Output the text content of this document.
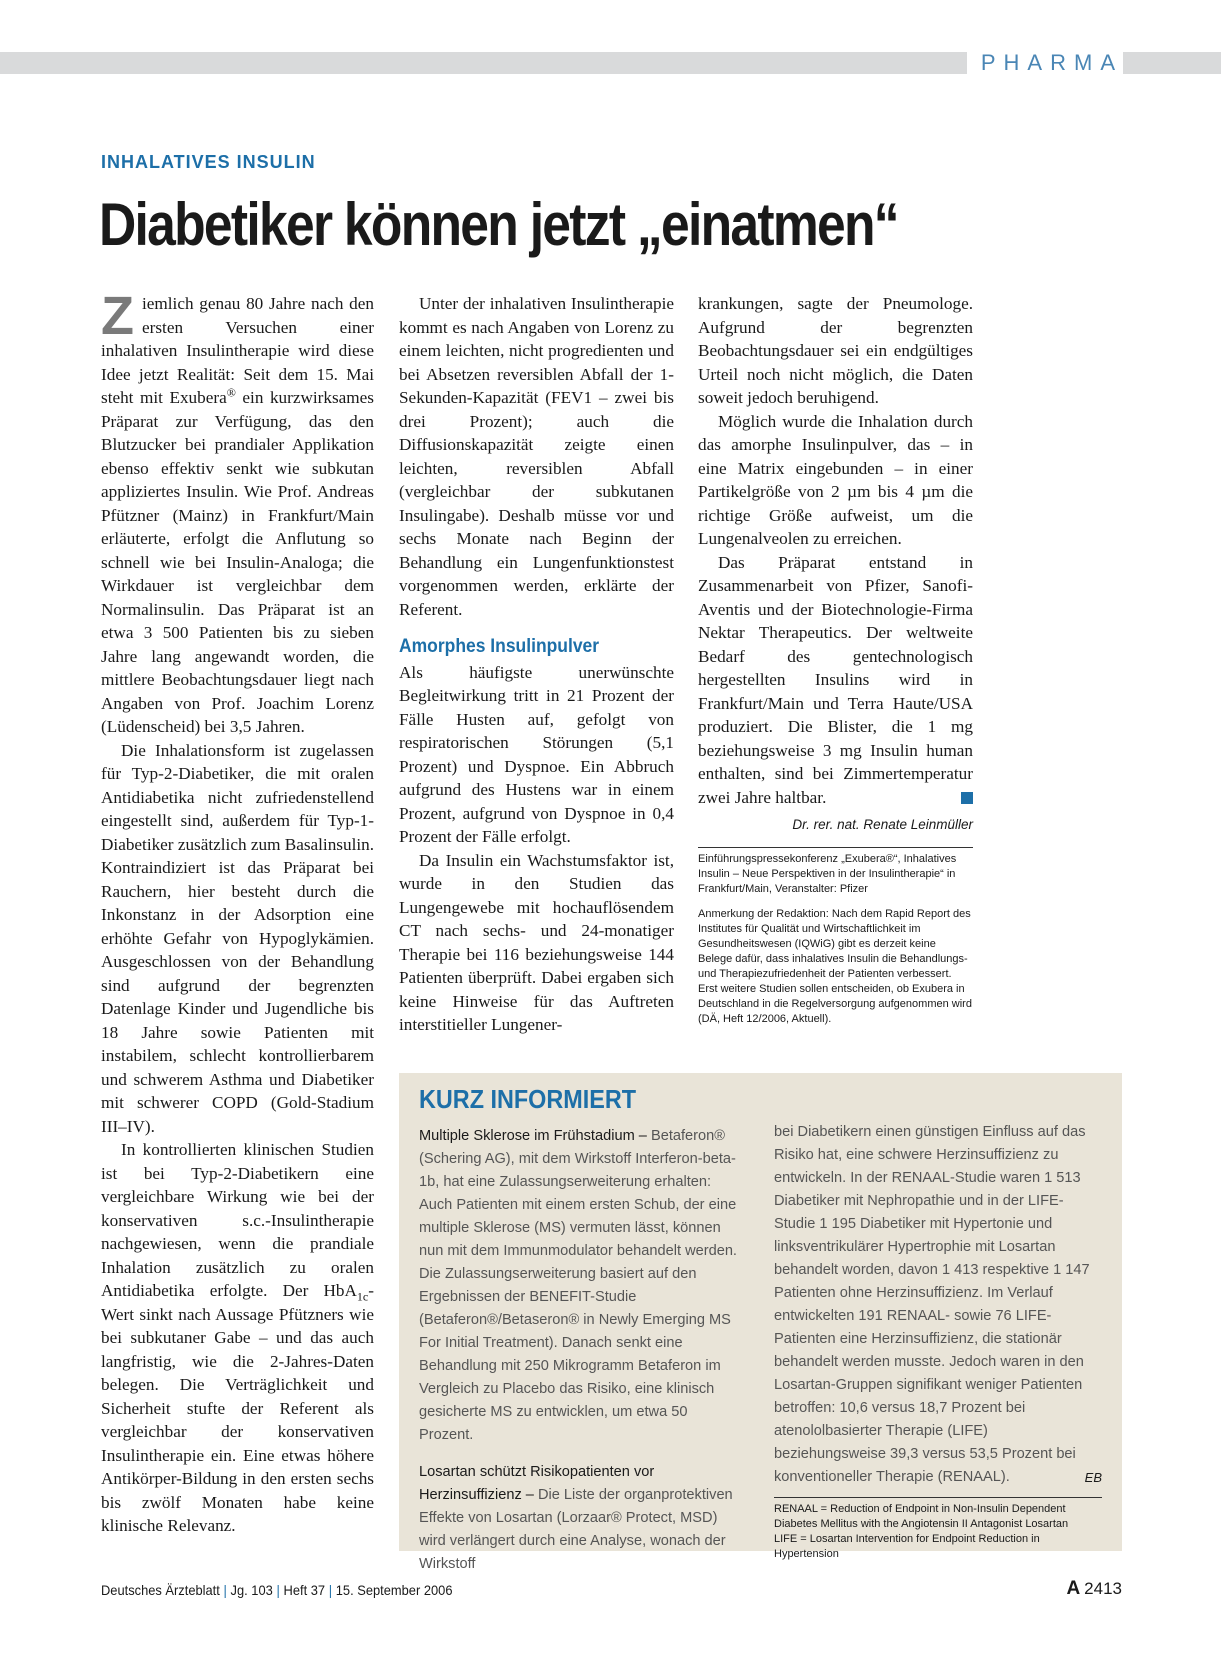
PHARMA
INHALATIVES INSULIN
Diabetiker können jetzt „einatmen“

Ziemlich genau 80 Jahre nach den ersten Versuchen einer inhalativen Insulintherapie wird diese Idee jetzt Realität: Seit dem 15. Mai steht mit Exubera® ein kurzwirksames Präparat zur Verfügung, das den Blutzucker bei prandialer Applikation ebenso effektiv senkt wie subkutan appliziertes Insulin. Wie Prof. Andreas Pfützner (Mainz) in Frankfurt/Main erläuterte, erfolgt die Anflutung so schnell wie bei Insulin-Analoga; die Wirkdauer ist vergleichbar dem Normalinsulin. Das Präparat ist an etwa 3 500 Patienten bis zu sieben Jahre lang angewandt worden, die mittlere Beobachtungsdauer liegt nach Angaben von Prof. Joachim Lorenz (Lüdenscheid) bei 3,5 Jahren.

Die Inhalationsform ist zugelassen für Typ-2-Diabetiker, die mit oralen Antidiabetika nicht zufriedenstellend eingestellt sind, außerdem für Typ-1-Diabetiker zusätzlich zum Basalinsulin. Kontraindiziert ist das Präparat bei Rauchern, hier besteht durch die Inkonstanz in der Adsorption eine erhöhte Gefahr von Hypoglykämien. Ausgeschlossen von der Behandlung sind aufgrund der begrenzten Datenlage Kinder und Jugendliche bis 18 Jahre sowie Patienten mit instabilem, schlecht kontrollierbarem und schwerem Asthma und Diabetiker mit schwerer COPD (Gold-Stadium III–IV).

In kontrollierten klinischen Studien ist bei Typ-2-Diabetikern eine vergleichbare Wirkung wie bei der konservativen s.c.-Insulintherapie nachgewiesen, wenn die prandiale Inhalation zusätzlich zu oralen Antidiabetika erfolgte. Der HbA$_{1c}$-Wert sinkt nach Aussage Pfützners wie bei subkutaner Gabe – und das auch langfristig, wie die 2-Jahres-Daten belegen. Die Verträglichkeit und Sicherheit stufte der Referent als vergleichbar der konservativen Insulintherapie ein. Eine etwas höhere Antikörper-Bildung in den ersten sechs bis zwölf Monaten habe keine klinische Relevanz.

Unter der inhalativen Insulintherapie kommt es nach Angaben von Lorenz zu einem leichten, nicht progredienten und bei Absetzen reversiblen Abfall der 1-Sekunden-Kapazität (FEV1 – zwei bis drei Prozent); auch die Diffusionskapazität zeigte einen leichten, reversiblen Abfall (vergleichbar der subkutanen Insulingabe). Deshalb müsse vor und sechs Monate nach Beginn der Behandlung ein Lungenfunktionstest vorgenommen werden, erklärte der Referent.

Amorphes Insulinpulver

Als häufigste unerwünschte Begleitwirkung tritt in 21 Prozent der Fälle Husten auf, gefolgt von respiratorischen Störungen (5,1 Prozent) und Dyspnoe. Ein Abbruch aufgrund des Hustens war in einem Prozent, aufgrund von Dyspnoe in 0,4 Prozent der Fälle erfolgt.

Da Insulin ein Wachstumsfaktor ist, wurde in den Studien das Lungengewebe mit hochauflösendem CT nach sechs- und 24-monatiger Therapie bei 116 beziehungsweise 144 Patienten überprüft. Dabei ergaben sich keine Hinweise für das Auftreten interstitieller Lungener-

krankungen, sagte der Pneumologe. Aufgrund der begrenzten Beobachtungsdauer sei ein endgültiges Urteil noch nicht möglich, die Daten soweit jedoch beruhigend.

Möglich wurde die Inhalation durch das amorphe Insulinpulver, das – in eine Matrix eingebunden – in einer Partikelgröße von 2 µm bis 4 µm die richtige Größe aufweist, um die Lungenalveolen zu erreichen.

Das Präparat entstand in Zusammenarbeit von Pfizer, Sanofi-Aventis und der Biotechnologie-Firma Nektar Therapeutics. Der weltweite Bedarf des gentechnologisch hergestellten Insulins wird in Frankfurt/Main und Terra Haute/USA produziert. Die Blister, die 1 mg beziehungsweise 3 mg Insulin human enthalten, sind bei Zimmertemperatur zwei Jahre haltbar.

Dr. rer. nat. Renate Leinmüller

Einführungspressekonferenz „Exubera®“, Inhalatives Insulin – Neue Perspektiven in der Insulintherapie“ in Frankfurt/Main, Veranstalter: Pfizer

Anmerkung der Redaktion: Nach dem Rapid Report des Institutes für Qualität und Wirtschaftlichkeit im Gesundheitswesen (IQWiG) gibt es derzeit keine Belege dafür, dass inhalatives Insulin die Behandlungs- und Therapiezufriedenheit der Patienten verbessert. Erst weitere Studien sollen entscheiden, ob Exubera in Deutschland in die Regelversorgung aufgenommen wird (DÄ, Heft 12/2006, Aktuell).

KURZ INFORMIERT

Multiple Sklerose im Frühstadium – Betaferon® (Schering AG), mit dem Wirkstoff Interferon-beta-1b, hat eine Zulassungserweiterung erhalten: Auch Patienten mit einem ersten Schub, der eine multiple Sklerose (MS) vermuten lässt, können nun mit dem Immunmodulator behandelt werden. Die Zulassungserweiterung basiert auf den Ergebnissen der BENEFIT-Studie (Betaferon®/Betaseron® in Newly Emerging MS For Initial Treatment). Danach senkt eine Behandlung mit 250 Mikrogramm Betaferon im Vergleich zu Placebo das Risiko, eine klinisch gesicherte MS zu entwicklen, um etwa 50 Prozent.

Losartan schützt Risikopatienten vor Herzinsuffizienz – Die Liste der organprotektiven Effekte von Losartan (Lorzaar® Protect, MSD) wird verlängert durch eine Analyse, wonach der Wirkstoff

bei Diabetikern einen günstigen Einfluss auf das Risiko hat, eine schwere Herzinsuffizienz zu entwickeln. In der RENAAL-Studie waren 1 513 Diabetiker mit Nephropathie und in der LIFE-Studie 1 195 Diabetiker mit Hypertonie und linksventrikulärer Hypertrophie mit Losartan behandelt worden, davon 1 413 respektive 1 147 Patienten ohne Herzinsuffizienz. Im Verlauf entwickelten 191 RENAAL- sowie 76 LIFE-Patienten eine Herzinsuffizienz, die stationär behandelt werden musste. Jedoch waren in den Losartan-Gruppen signifikant weniger Patienten betroffen: 10,6 versus 18,7 Prozent bei atenololbasierter Therapie (LIFE) beziehungsweise 39,3 versus 53,5 Prozent bei konventioneller Therapie (RENAAL).	EB

RENAAL = Reduction of Endpoint in Non-Insulin Dependent Diabetes Mellitus with the Angiotensin II Antagonist Losartan
LIFE = Losartan Intervention for Endpoint Reduction in Hypertension
Deutsches Ärzteblatt | Jg. 103 | Heft 37 | 15. September 2006	A 2413
